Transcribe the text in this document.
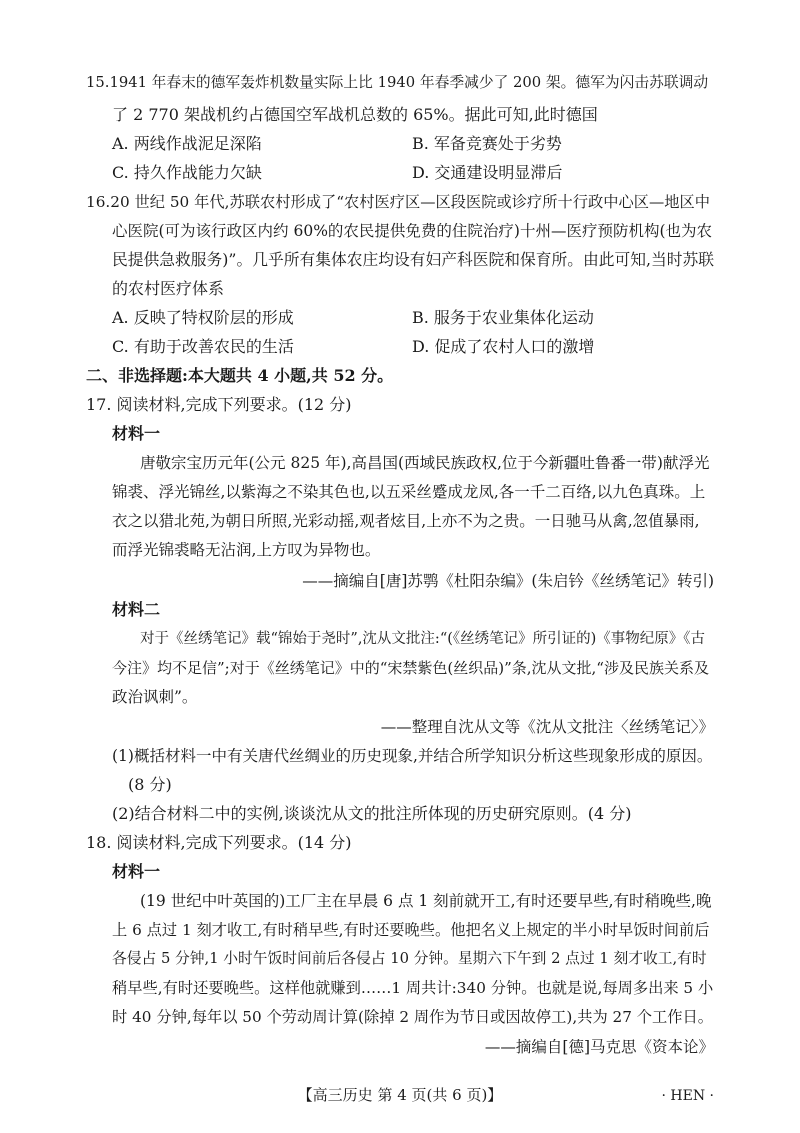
15.1941 年春末的德军轰炸机数量实际上比 1940 年春季减少了 200 架。德军为闪击苏联调动
了 2 770 架战机约占德国空军战机总数的 65%。据此可知,此时德国
A. 两线作战泥足深陷	B. 军备竞赛处于劣势
C. 持久作战能力欠缺	D. 交通建设明显滞后
16.20 世纪 50 年代,苏联农村形成了“农村医疗区—区段医院或诊疗所十行政中心区—地区中
心医院(可为该行政区内约 60%的农民提供免费的住院治疗)十州—医疗预防机构(也为农
民提供急救服务)”。几乎所有集体农庄均设有妇产科医院和保育所。由此可知,当时苏联
的农村医疗体系
A. 反映了特权阶层的形成	B. 服务于农业集体化运动
C. 有助于改善农民的生活	D. 促成了农村人口的激增
二、非选择题:本大题共 4 小题,共 52 分。
17. 阅读材料,完成下列要求。(12 分)
材料一
唐敬宗宝历元年(公元 825 年),高昌国(西域民族政权,位于今新疆吐鲁番一带)献浮光
锦裘、浮光锦丝,以紫海之不染其色也,以五采丝蹙成龙凤,各一千二百络,以九色真珠。上
衣之以猎北苑,为朝日所照,光彩动摇,观者炫目,上亦不为之贵。一日驰马从禽,忽值暴雨,
而浮光锦裘略无沾润,上方叹为异物也。
——摘编自[唐]苏鹗《杜阳杂编》(朱启钤《丝绣笔记》转引)
材料二
对于《丝绣笔记》载“锦始于尧时”,沈从文批注:“(《丝绣笔记》所引证的)《事物纪原》《古
今注》均不足信”;对于《丝绣笔记》中的“宋禁紫色(丝织品)”条,沈从文批,“涉及民族关系及
政治讽刺”。
——整理自沈从文等《沈从文批注〈丝绣笔记〉》
(1)概括材料一中有关唐代丝绸业的历史现象,并结合所学知识分析这些现象形成的原因。
(8 分)
(2)结合材料二中的实例,谈谈沈从文的批注所体现的历史研究原则。(4 分)
18. 阅读材料,完成下列要求。(14 分)
材料一
(19 世纪中叶英国的)工厂主在早晨 6 点 1 刻前就开工,有时还要早些,有时稍晚些,晚
上 6 点过 1 刻才收工,有时稍早些,有时还要晚些。他把名义上规定的半小时早饭时间前后
各侵占 5 分钟,1 小时午饭时间前后各侵占 10 分钟。星期六下午到 2 点过 1 刻才收工,有时
稍早些,有时还要晚些。这样他就赚到……1 周共计:340 分钟。也就是说,每周多出来 5 小
时 40 分钟,每年以 50 个劳动周计算(除掉 2 周作为节日或因故停工),共为 27 个工作日。
——摘编自[德]马克思《资本论》
【高三历史 第 4 页(共 6 页)】	· HEN ·
